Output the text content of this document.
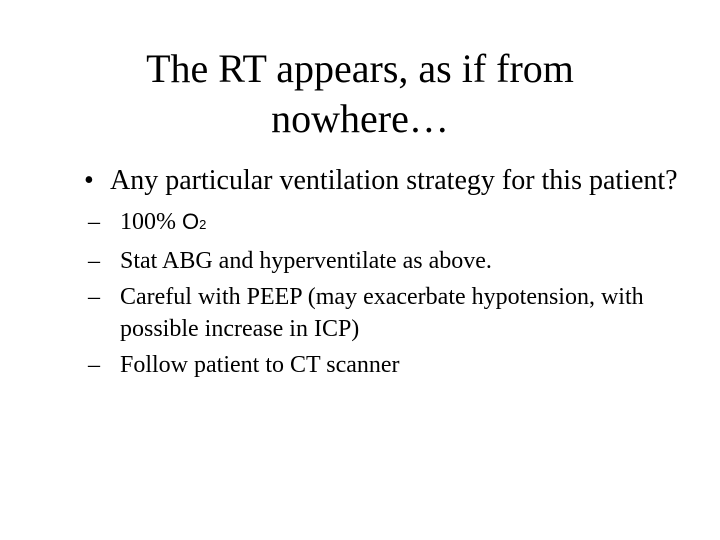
The RT appears, as if from
nowhere…
• Any particular ventilation strategy for this patient?
– 100% O2
– Stat ABG and hyperventilate as above.
– Careful with PEEP (may exacerbate hypotension, with possible increase in ICP)
– Follow patient to CT scanner
